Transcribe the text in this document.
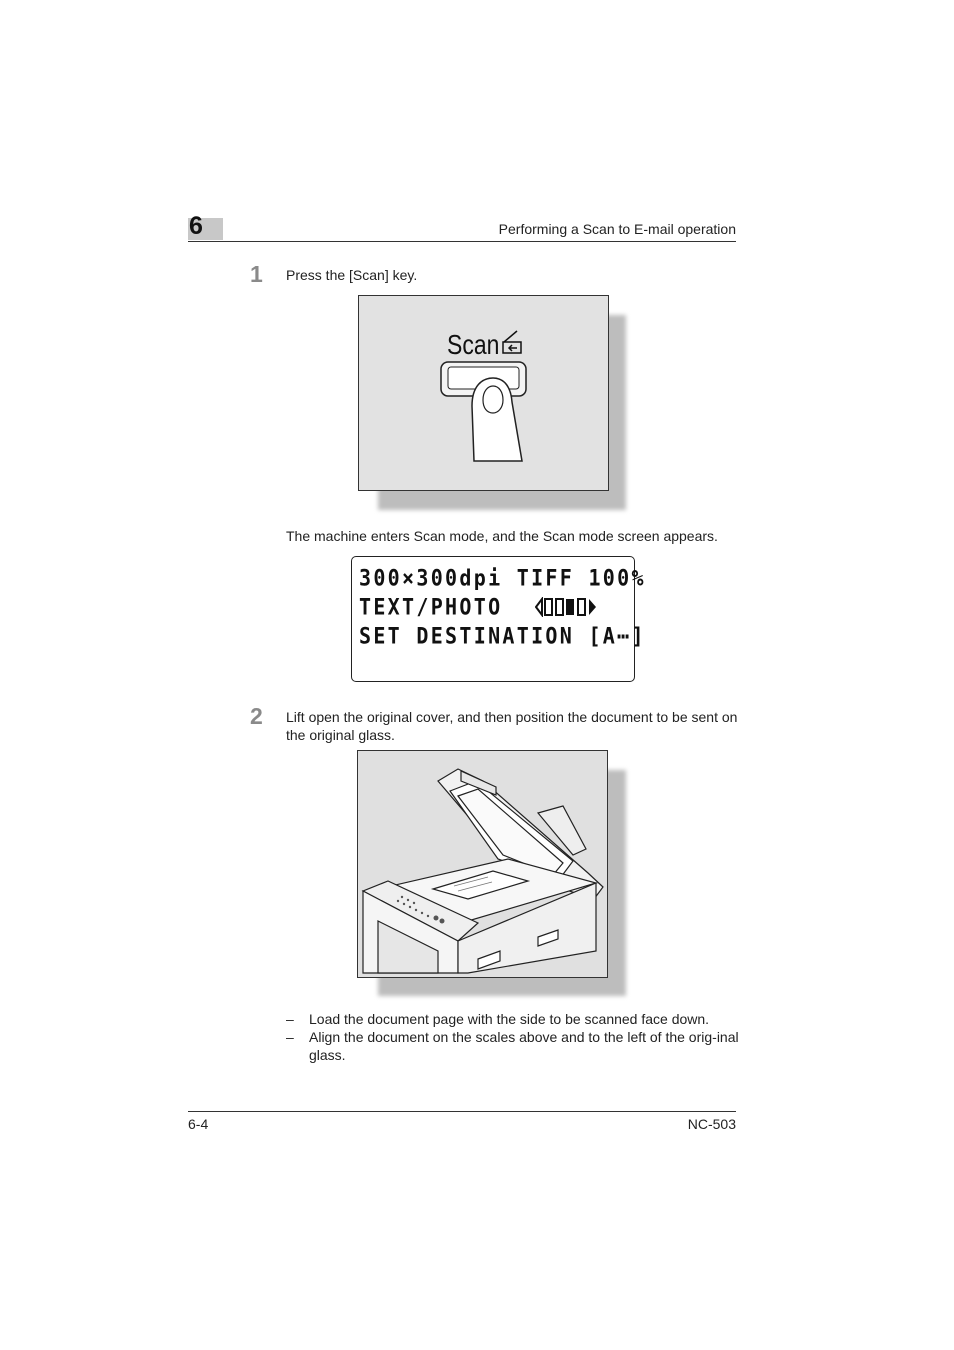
6	Performing a Scan to E-mail operation
1 Press the [Scan] key.
Scan
The machine enters Scan mode, and the Scan mode screen appears.
300×300dpi TIFF 100%
TEXT/PHOTO
SET DESTINATION [A⋯]
2 Lift open the original cover, and then position the document to be sent on the original glass.
– Load the document page with the side to be scanned face down.
– Align the document on the scales above and to the left of the orig-inal glass.
6-4	NC-503
